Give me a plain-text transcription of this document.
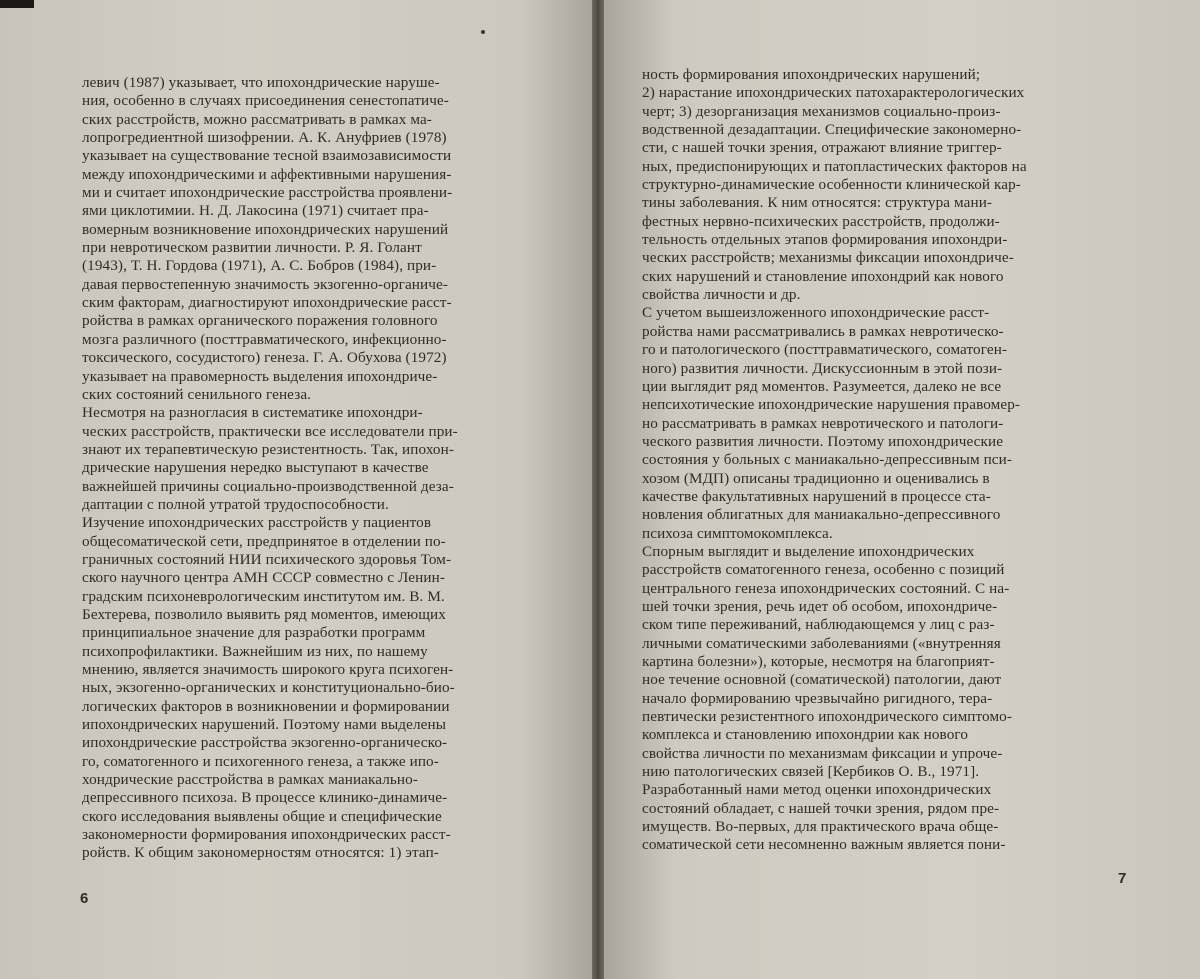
левич (1987) указывает, что ипохондрические наруше-
ния, особенно в случаях присоединения сенестопатиче-
ских расстройств, можно рассматривать в рамках ма-
лопрогредиентной шизофрении. А. К. Ануфриев (1978)
указывает на существование тесной взаимозависимости
между ипохондрическими и аффективными нарушения-
ми и считает ипохондрические расстройства проявлени-
ями циклотимии. Н. Д. Лакосина (1971) считает пра-
вомерным возникновение ипохондрических нарушений
при невротическом развитии личности. Р. Я. Голант
(1943), Т. Н. Гордова (1971), А. С. Бобров (1984), при-
давая первостепенную значимость экзогенно-органиче-
ским факторам, диагностируют ипохондрические расст-
ройства в рамках органического поражения головного
мозга различного (посттравматического, инфекционно-
токсического, сосудистого) генеза. Г. А. Обухова (1972)
указывает на правомерность выделения ипохондриче-
ских состояний сенильного генеза.
Несмотря на разногласия в систематике ипохондри-
ческих расстройств, практически все исследователи при-
знают их терапевтическую резистентность. Так, ипохон-
дрические нарушения нередко выступают в качестве
важнейшей причины социально-производственной деза-
даптации с полной утратой трудоспособности.
Изучение ипохондрических расстройств у пациентов
общесоматической сети, предпринятое в отделении по-
граничных состояний НИИ психического здоровья Том-
ского научного центра АМН СССР совместно с Ленин-
градским психоневрологическим институтом им. В. М.
Бехтерева, позволило выявить ряд моментов, имеющих
принципиальное значение для разработки программ
психопрофилактики. Важнейшим из них, по нашему
мнению, является значимость широкого круга психоген-
ных, экзогенно-органических и конституционально-био-
логических факторов в возникновении и формировании
ипохондрических нарушений. Поэтому нами выделены
ипохондрические расстройства экзогенно-органическо-
го, соматогенного и психогенного генеза, а также ипо-
хондрические расстройства в рамках маниакально-
депрессивного психоза. В процессе клинико-динамиче-
ского исследования выявлены общие и специфические
закономерности формирования ипохондрических расст-
ройств. К общим закономерностям относятся: 1) этап-
6
ность формирования ипохондрических нарушений;
2) нарастание ипохондрических патохарактерологических
черт; 3) дезорганизация механизмов социально-произ-
водственной дезадаптации. Специфические закономерно-
сти, с нашей точки зрения, отражают влияние триггер-
ных, предиспонирующих и патопластических факторов на
структурно-динамические особенности клинической кар-
тины заболевания. К ним относятся: структура мани-
фестных нервно-психических расстройств, продолжи-
тельность отдельных этапов формирования ипохондри-
ческих расстройств; механизмы фиксации ипохондриче-
ских нарушений и становление ипохондрий как нового
свойства личности и др.
С учетом вышеизложенного ипохондрические расст-
ройства нами рассматривались в рамках невротическо-
го и патологического (посттравматического, соматоген-
ного) развития личности. Дискуссионным в этой пози-
ции выглядит ряд моментов. Разумеется, далеко не все
непсихотические ипохондрические нарушения правомер-
но рассматривать в рамках невротического и патологи-
ческого развития личности. Поэтому ипохондрические
состояния у больных с маниакально-депрессивным пси-
хозом (МДП) описаны традиционно и оценивались в
качестве факультативных нарушений в процессе ста-
новления облигатных для маниакально-депрессивного
психоза симптомокомплекса.
Спорным выглядит и выделение ипохондрических
расстройств соматогенного генеза, особенно с позиций
центрального генеза ипохондрических состояний. С на-
шей точки зрения, речь идет об особом, ипохондриче-
ском типе переживаний, наблюдающемся у лиц с раз-
личными соматическими заболеваниями («внутренняя
картина болезни»), которые, несмотря на благоприят-
ное течение основной (соматической) патологии, дают
начало формированию чрезвычайно ригидного, тера-
певтически резистентного ипохондрического симптомо-
комплекса и становлению ипохондрии как нового
свойства личности по механизмам фиксации и упроче-
нию патологических связей [Кербиков О. В., 1971].
Разработанный нами метод оценки ипохондрических
состояний обладает, с нашей точки зрения, рядом пре-
имуществ. Во-первых, для практического врача обще-
соматической сети несомненно важным является пони-
7
